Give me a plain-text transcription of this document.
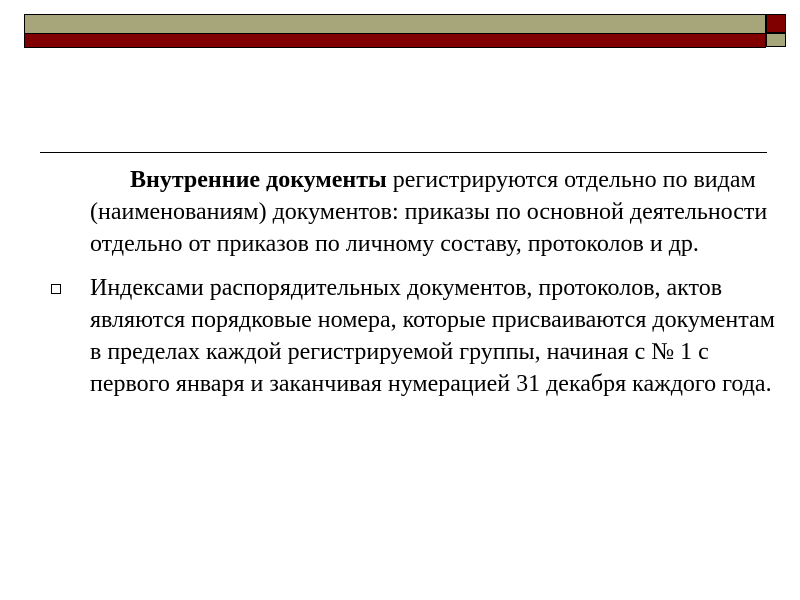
Внутренние документы регистрируются отдельно по видам (наименованиям) документов: приказы по основной деятельности отдельно от приказов по личному составу, протоколов и др.

Индексами распорядительных документов, протоколов, актов являются порядковые номера, которые присваиваются документам в пределах каждой регистрируемой группы, начиная с № 1 с первого января и заканчивая нумерацией 31 декабря каждого года.
